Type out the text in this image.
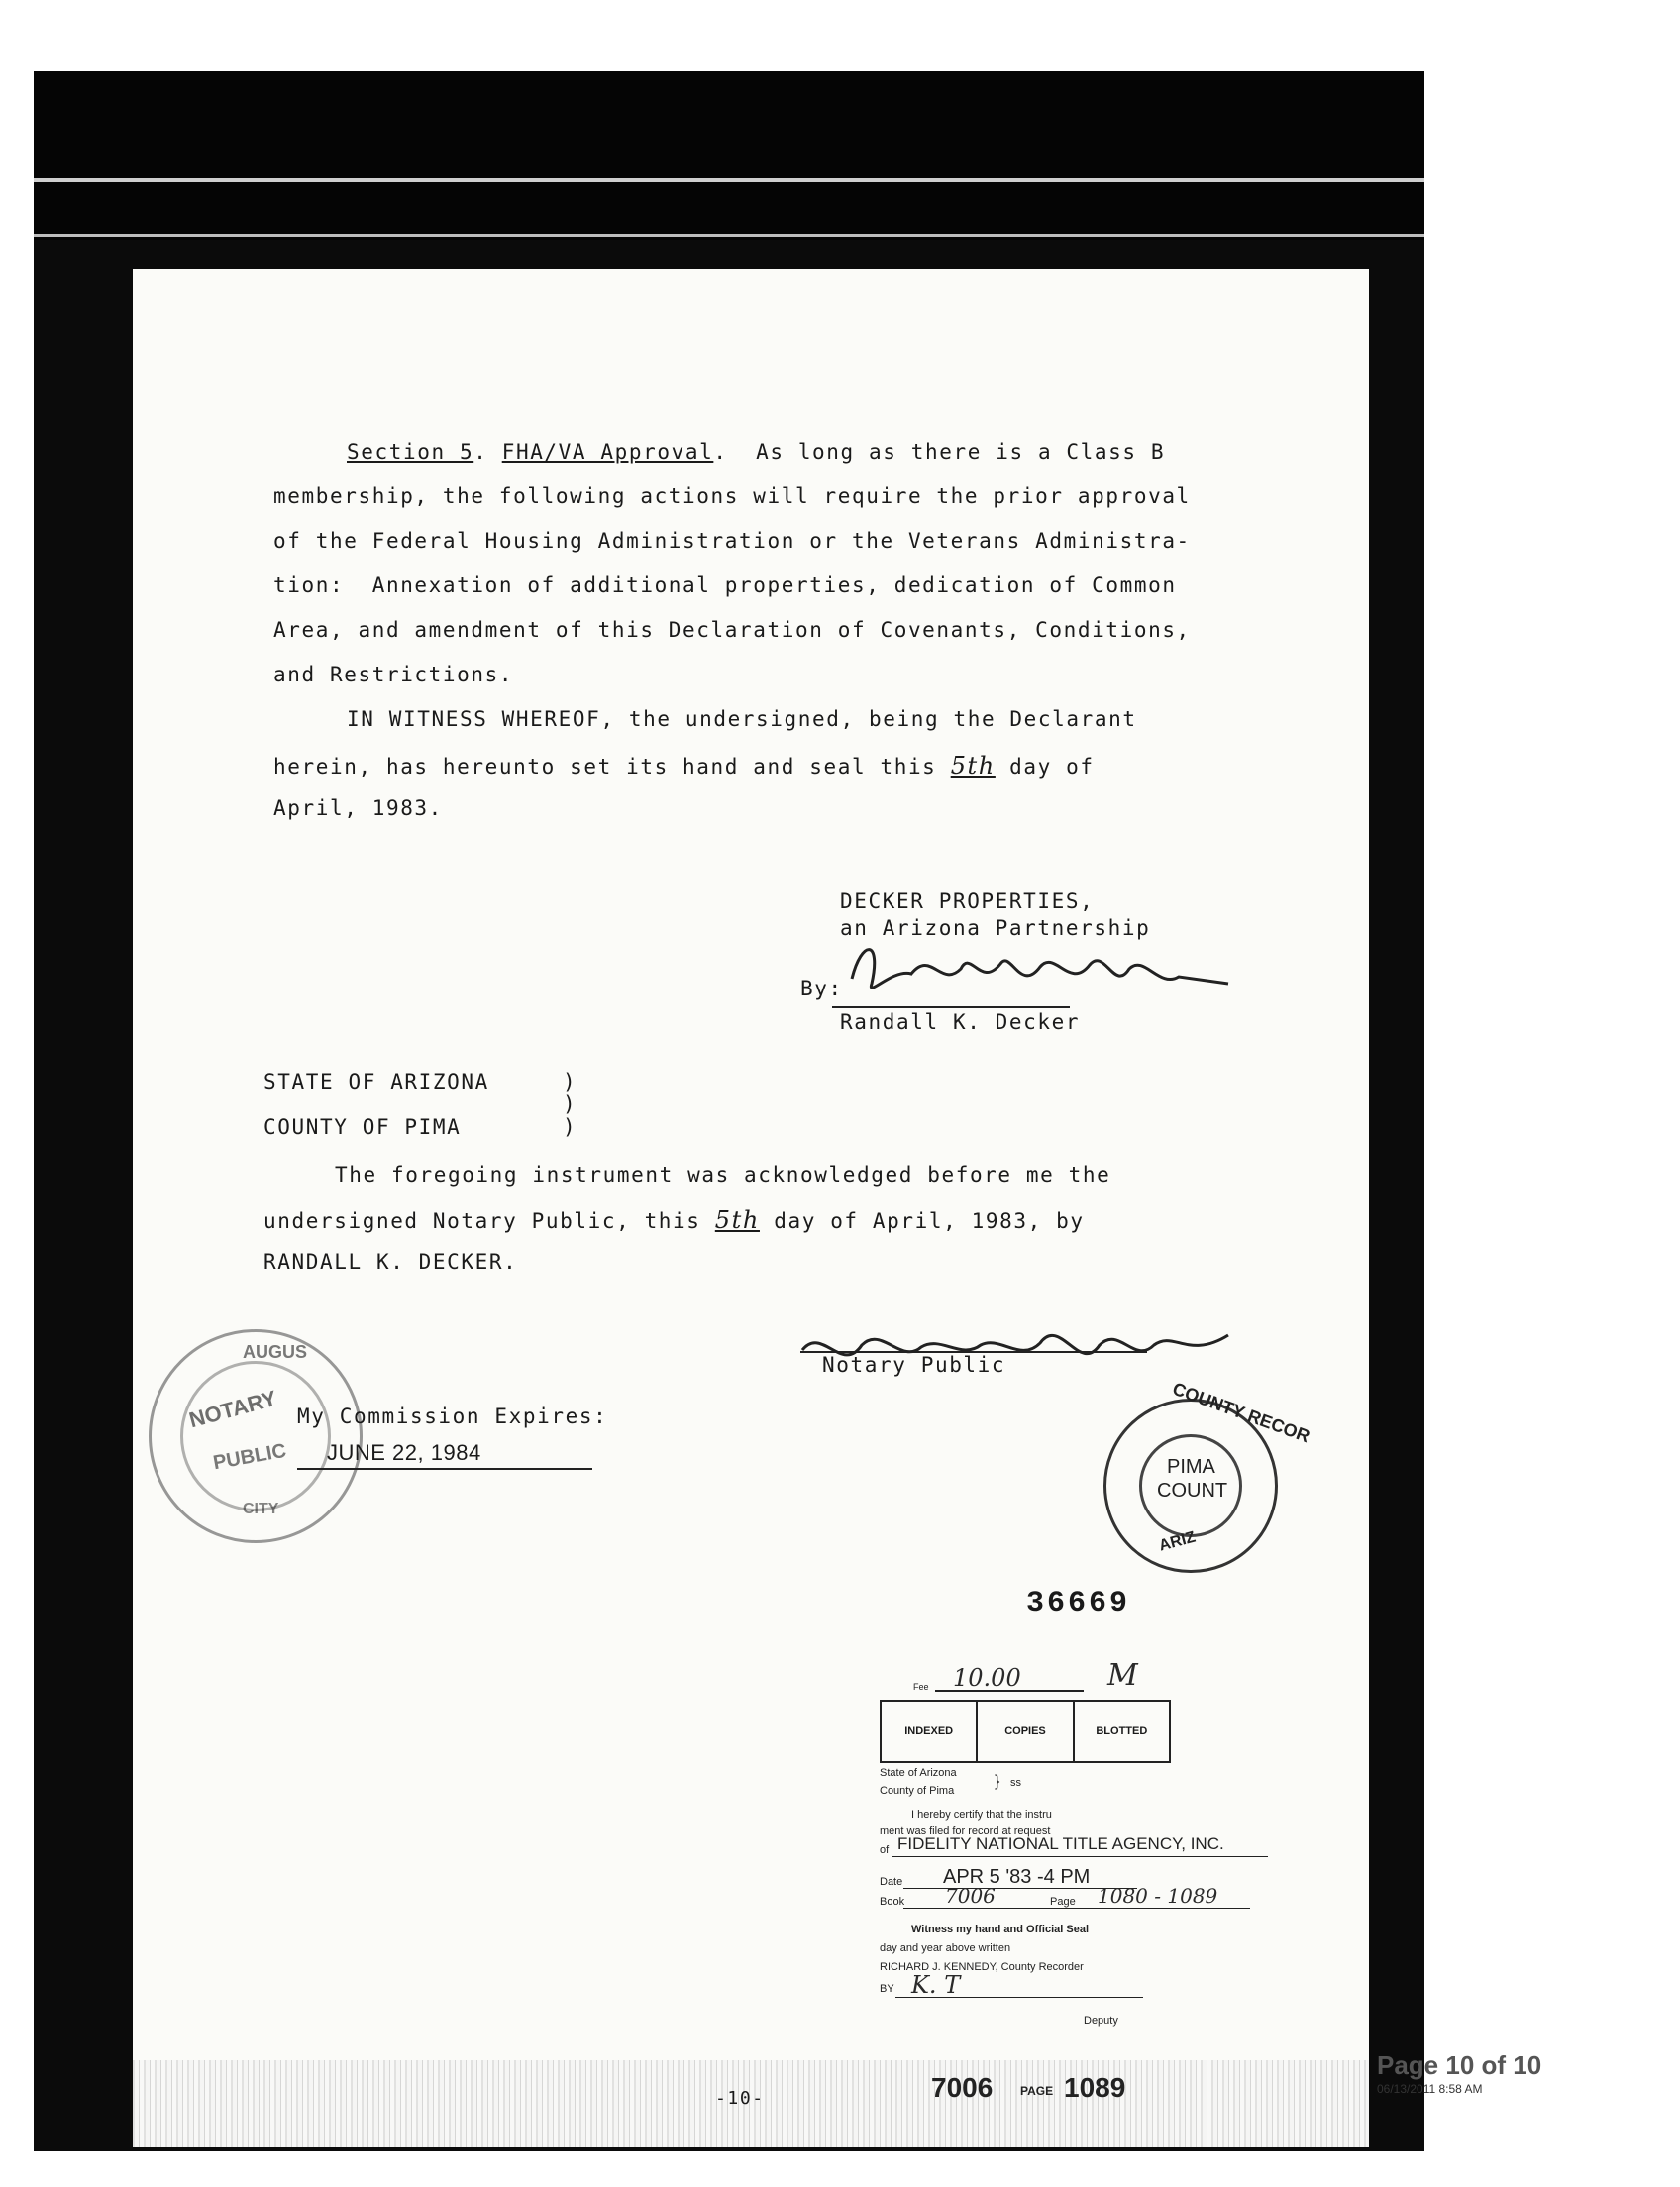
Section 5. FHA/VA Approval.  As long as there is a Class B
membership, the following actions will require the prior approval
of the Federal Housing Administration or the Veterans Administra-
tion:  Annexation of additional properties, dedication of Common
Area, and amendment of this Declaration of Covenants, Conditions,
and Restrictions.
IN WITNESS WHEREOF, the undersigned, being the Declarant
herein, has hereunto set its hand and seal this 5th day of
April, 1983.
DECKER PROPERTIES,
an Arizona Partnership
By:
Randall K. Decker
STATE OF ARIZONA	)
)
COUNTY OF PIMA	)
The foregoing instrument was acknowledged before me the
undersigned Notary Public, this 5th day of April, 1983, by
RANDALL K. DECKER.
Notary Public
AUGUS
NOTARY
PUBLIC
CITY
My Commission Expires:
JUNE 22, 1984
COUNTY RECOR
PIMA
COUNT
ARIZ
36669
Fee 10.00	M
INDEXED	COPIES	BLOTTED
State of Arizona
County of Pima
} ss
I hereby certify that the instru
ment was filed for record at request
of FIDELITY NATIONAL TITLE AGENCY, INC.
Date APR 5 '83 -4 PM
Book 7006	Page 1080 - 1089
Witness my hand and Official Seal
day and year above written
RICHARD J. KENNEDY, County Recorder
BY K. T
Deputy
-10-	7006 PAGE 1089
Page 10 of 10
06/13/2011 8:58 AM
